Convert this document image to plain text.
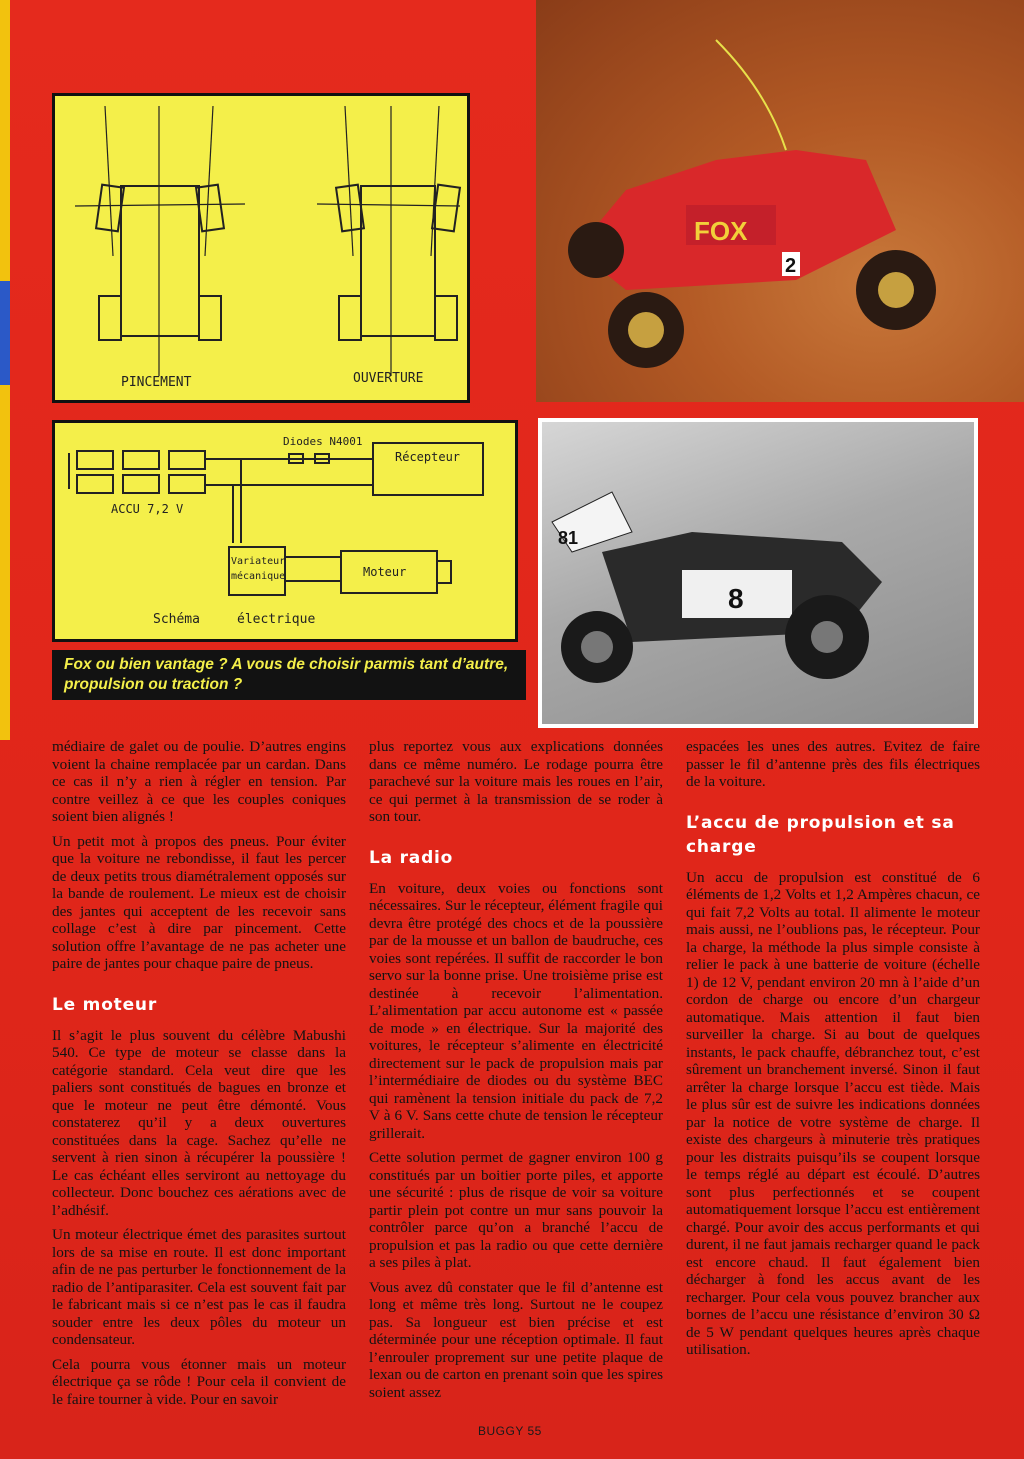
PINCEMENT	OUVERTURE
Diodes N4001
Récepteur
ACCU 7,2 V
Variateur
mécanique	Moteur
Schéma	électrique
FOX
2
81
8

Fox ou bien vantage ? A vous de choisir parmis tant d’autre, propulsion ou traction ?

médiaire de galet ou de poulie. D’autres engins voient la chaine remplacée par un cardan. Dans ce cas il n’y a rien à régler en tension. Par contre veillez à ce que les couples coniques soient bien alignés !

Un petit mot à propos des pneus. Pour éviter que la voiture ne rebondisse, il faut les percer de deux petits trous diamétralement opposés sur la bande de roulement. Le mieux est de choisir des jantes qui acceptent de les recevoir sans collage c’est à dire par pincement. Cette solution offre l’avantage de ne pas acheter une paire de jantes pour chaque paire de pneus.

Le moteur

Il s’agit le plus souvent du célèbre Mabushi 540. Ce type de moteur se classe dans la catégorie standard. Cela veut dire que les paliers sont constitués de bagues en bronze et que le moteur ne peut être démonté. Vous constaterez qu’il y a deux ouvertures constituées dans la cage. Sachez qu’elle ne servent à rien sinon à récupérer la poussière ! Le cas échéant elles serviront au nettoyage du collecteur. Donc bouchez ces aérations avec de l’adhésif.

Un moteur électrique émet des parasites surtout lors de sa mise en route. Il est donc important afin de ne pas perturber le fonctionnement de la radio de l’antiparasiter. Cela est souvent fait par le fabricant mais si ce n’est pas le cas il faudra souder entre les deux pôles du moteur un condensateur.

Cela pourra vous étonner mais un moteur électrique ça se rôde ! Pour cela il convient de le faire tourner à vide. Pour en savoir

plus reportez vous aux explications données dans ce même numéro. Le rodage pourra être parachevé sur la voiture mais les roues en l’air, ce qui permet à la transmission de se roder à son tour.

La radio

En voiture, deux voies ou fonctions sont nécessaires. Sur le récepteur, élément fragile qui devra être protégé des chocs et de la poussière par de la mousse et un ballon de baudruche, ces voies sont repérées. Il suffit de raccorder le bon servo sur la bonne prise. Une troisième prise est destinée à recevoir l’alimentation. L’alimentation par accu autonome est « passée de mode » en électrique. Sur la majorité des voitures, le récepteur s’alimente en électricité directement sur le pack de propulsion mais par l’intermédiaire de diodes ou du système BEC qui ramènent la tension initiale du pack de 7,2 V à 6 V. Sans cette chute de tension le récepteur grillerait.

Cette solution permet de gagner environ 100 g constitués par un boitier porte piles, et apporte une sécurité : plus de risque de voir sa voiture partir plein pot contre un mur sans pouvoir la contrôler parce qu’on a branché l’accu de propulsion et pas la radio ou que cette dernière a ses piles à plat.

Vous avez dû constater que le fil d’antenne est long et même très long. Surtout ne le coupez pas. Sa longueur est bien précise et est déterminée pour une réception optimale. Il faut l’enrouler proprement sur une petite plaque de lexan ou de carton en prenant soin que les spires soient assez

espacées les unes des autres. Evitez de faire passer le fil d’antenne près des fils électriques de la voiture.

L’accu de propulsion et sa charge

Un accu de propulsion est constitué de 6 éléments de 1,2 Volts et 1,2 Ampères chacun, ce qui fait 7,2 Volts au total. Il alimente le moteur mais aussi, ne l’oublions pas, le récepteur. Pour la charge, la méthode la plus simple consiste à relier le pack à une batterie de voiture (échelle 1) de 12 V, pendant environ 20 mn à l’aide d’un cordon de charge ou encore d’un chargeur automatique. Mais attention il faut bien surveiller la charge. Si au bout de quelques instants, le pack chauffe, débranchez tout, c’est sûrement un branchement inversé. Sinon il faut arrêter la charge lorsque l’accu est tiède. Mais le plus sûr est de suivre les indications données par la notice de votre système de charge. Il existe des chargeurs à minuterie très pratiques pour les distraits puisqu’ils se coupent lorsque le temps réglé au départ est écoulé. D’autres sont plus perfectionnés et se coupent automatiquement lorsque l’accu est entièrement chargé. Pour avoir des accus performants et qui durent, il ne faut jamais recharger quand le pack est encore chaud. Il faut également bien décharger à fond les accus avant de les recharger. Pour cela vous pouvez brancher aux bornes de l’accu une résistance d’environ 30 Ω de 5 W pendant quelques heures après chaque utilisation.

BUGGY 55
